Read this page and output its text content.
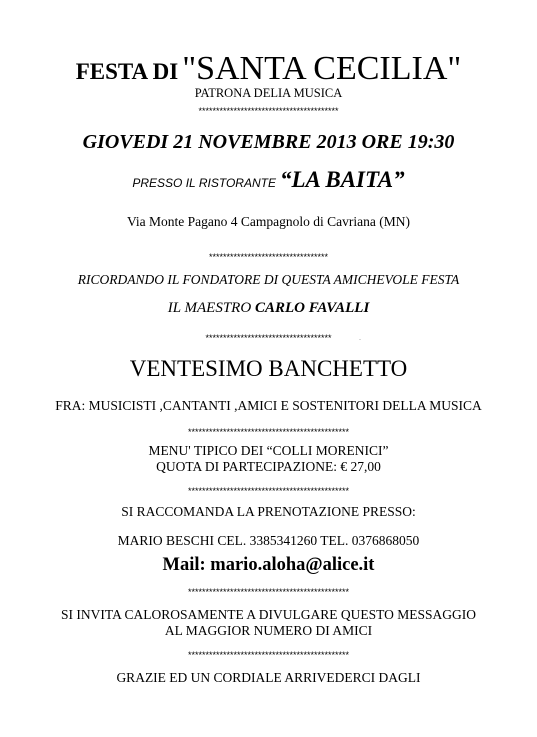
FESTA DI "SANTA CECILIA"
PATRONA DELIA MUSICA
****************************************
GIOVEDI 21 NOVEMBRE 2013 ORE 19:30
PRESSO IL RISTORANTE “LA BAITA”
Via Monte Pagano 4 Campagnolo di Cavriana (MN)
**********************************
RICORDANDO IL FONDATORE DI QUESTA AMICHEVOLE FESTA
IL MAESTRO CARLO FAVALLI
************************************	.
VENTESIMO BANCHETTO
FRA: MUSICISTI ,CANTANTI ,AMICI E SOSTENITORI DELLA MUSICA
**********************************************
MENU' TIPICO DEI “COLLI MORENICI”
QUOTA DI PARTECIPAZIONE: € 27,00
**********************************************
SI RACCOMANDA LA PRENOTAZIONE PRESSO:
MARIO BESCHI CEL. 3385341260 TEL. 0376868050
Mail: mario.aloha@alice.it
**********************************************
SI INVITA CALOROSAMENTE A DIVULGARE QUESTO MESSAGGIO
AL MAGGIOR NUMERO DI AMICI
**********************************************
GRAZIE ED UN CORDIALE ARRIVEDERCI DAGLI
